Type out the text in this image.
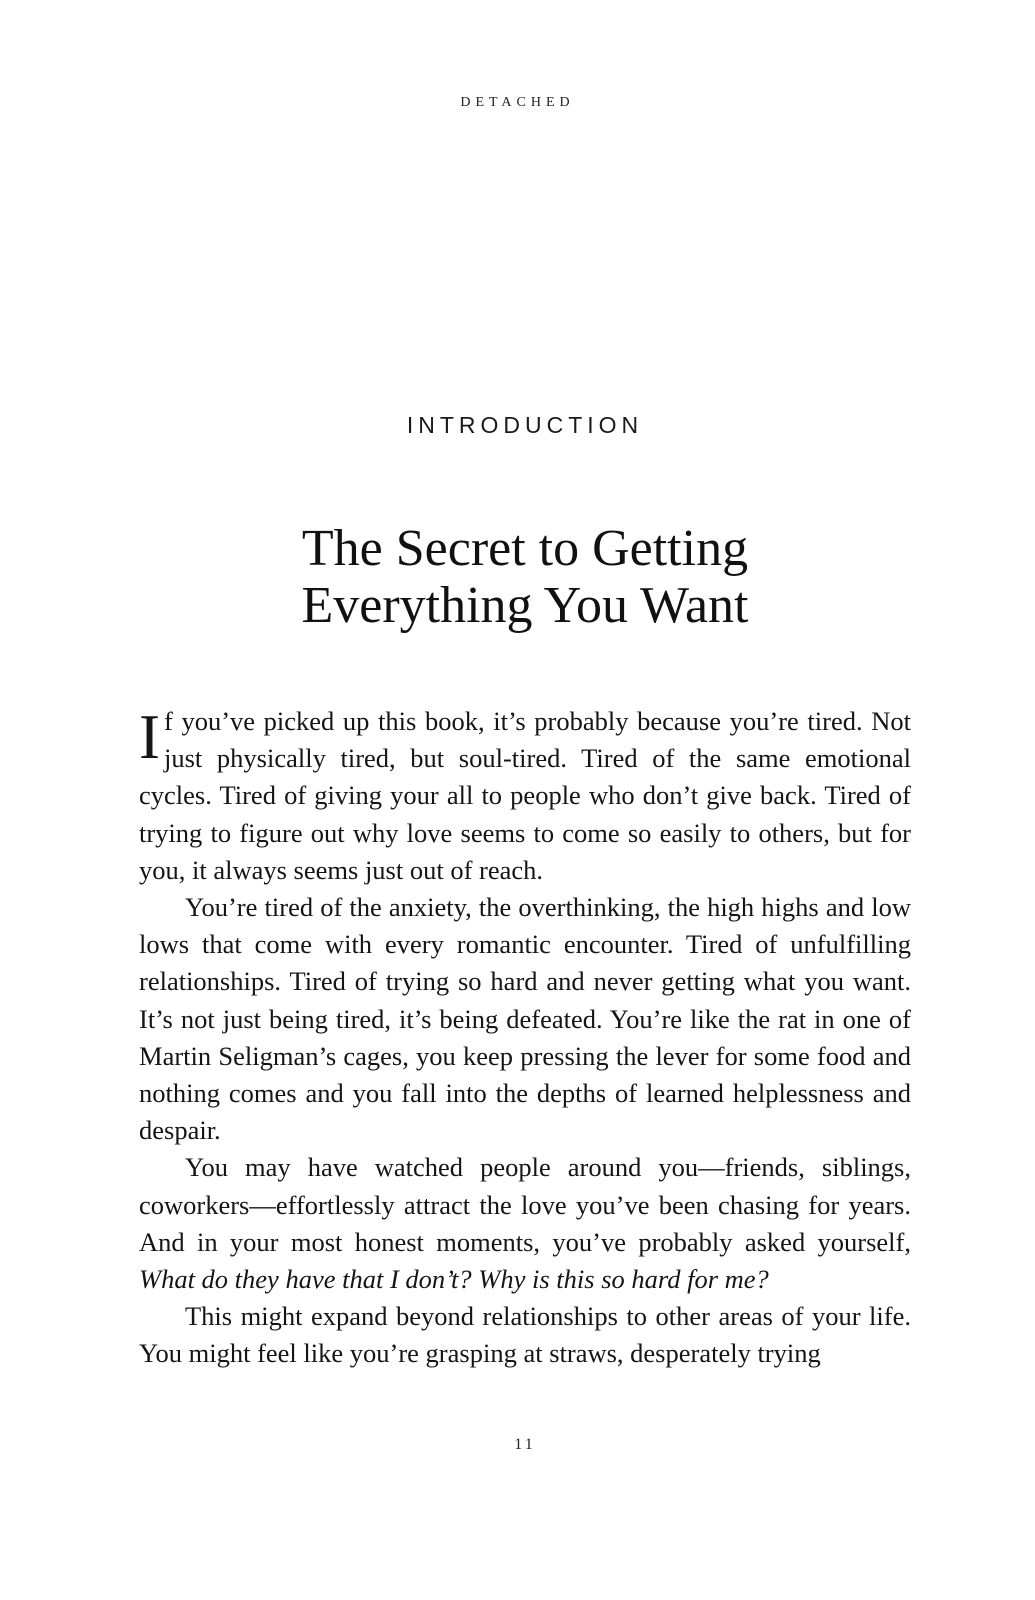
DETACHED
INTRODUCTION
The Secret to Getting
Everything You Want

If you’ve picked up this book, it’s probably because you’re tired. Not just physically tired, but soul-tired. Tired of the same emotional cycles. Tired of giving your all to people who don’t give back. Tired of trying to figure out why love seems to come so easily to others, but for you, it always seems just out of reach.

You’re tired of the anxiety, the overthinking, the high highs and low lows that come with every romantic encounter. Tired of unfulfilling relationships. Tired of trying so hard and never getting what you want. It’s not just being tired, it’s being defeated. You’re like the rat in one of Martin Seligman’s cages, you keep pressing the lever for some food and nothing comes and you fall into the depths of learned helplessness and despair.

You may have watched people around you—friends, siblings, coworkers—effortlessly attract the love you’ve been chasing for years. And in your most honest moments, you’ve probably asked yourself, What do they have that I don’t? Why is this so hard for me?

This might expand beyond relationships to other areas of your life. You might feel like you’re grasping at straws, desperately trying

11
